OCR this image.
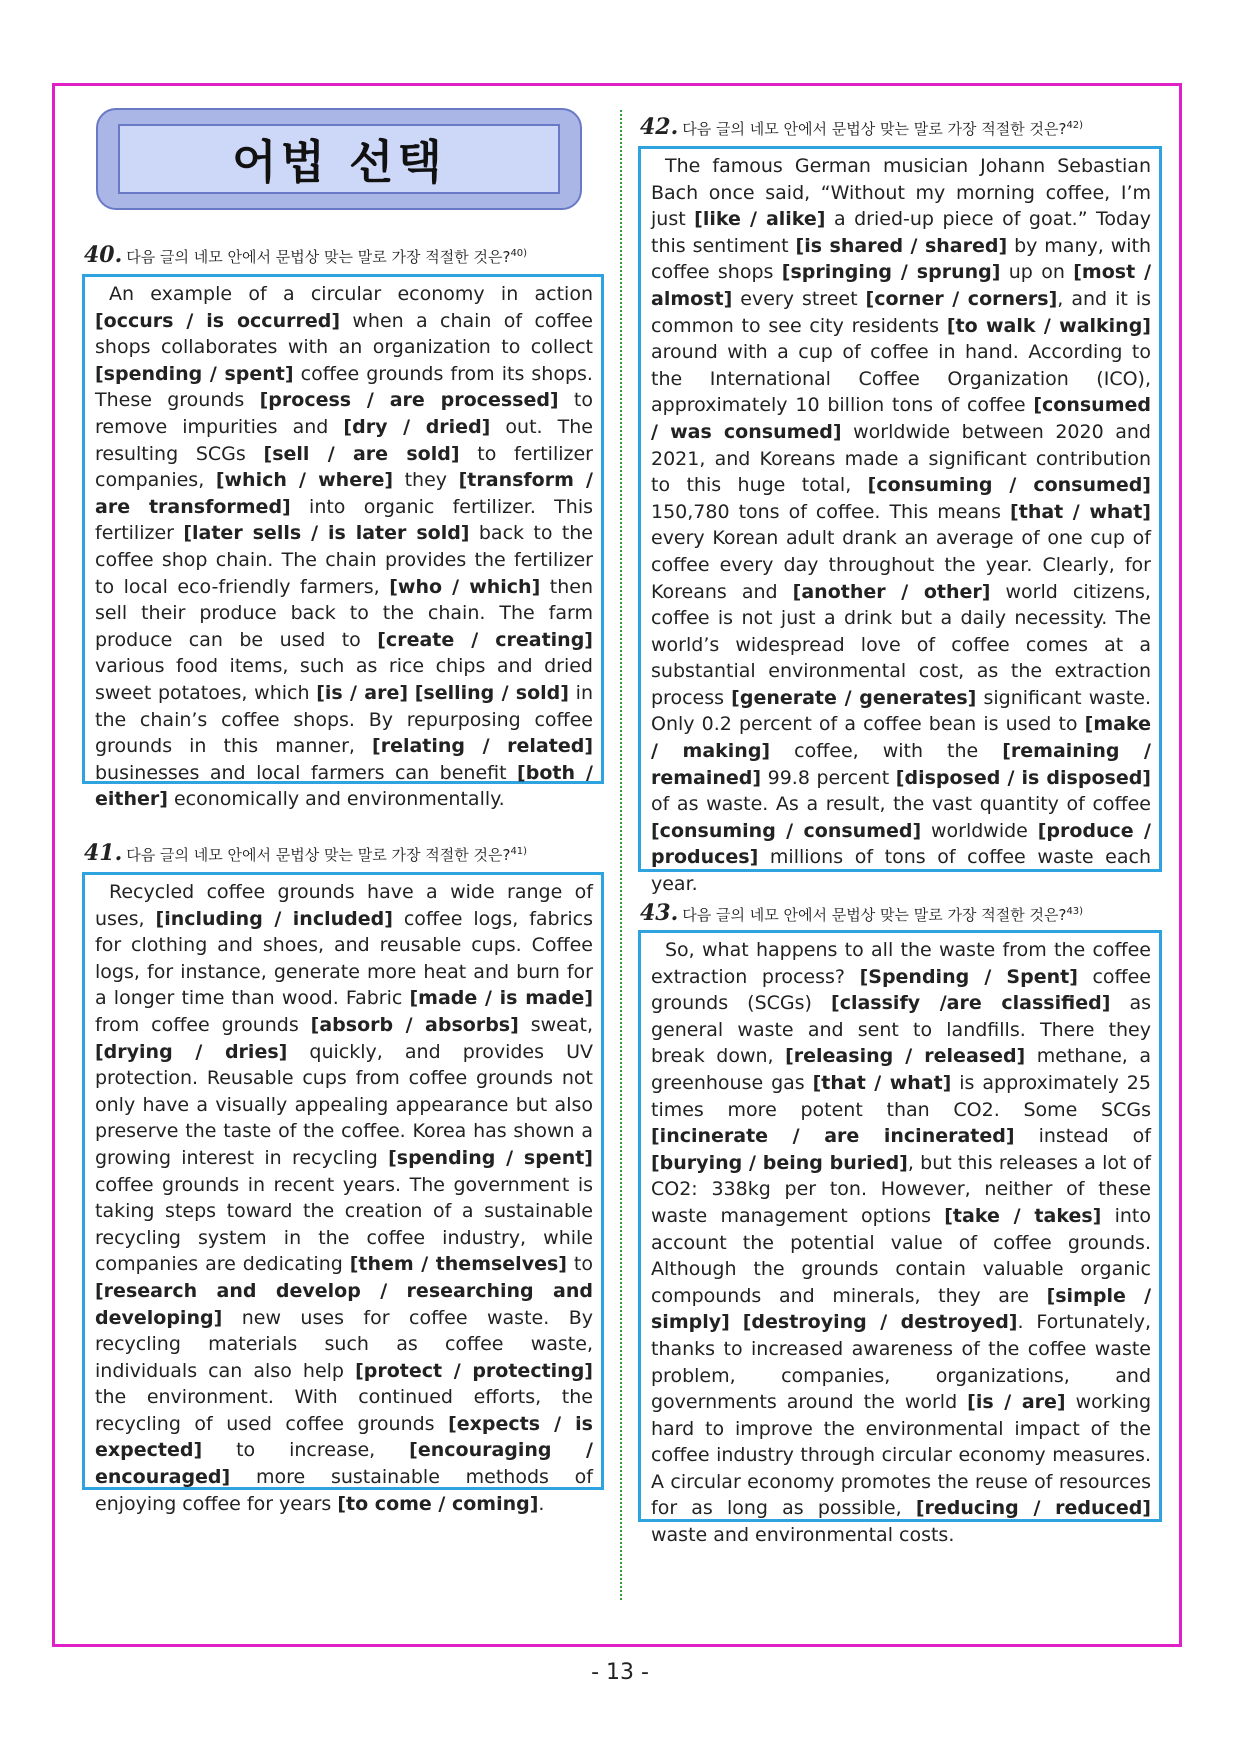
어법 선택
40. 다음 글의 네모 안에서 문법상 맞는 말로 가장 적절한 것은?$^{40)}$

An example of a circular economy in action [occurs / is occurred] when a chain of coffee shops collaborates with an organization to collect [spending / spent] coffee grounds from its shops. These grounds [process / are processed] to remove impurities and [dry / dried] out. The resulting SCGs [sell / are sold] to fertilizer companies, [which / where] they [transform / are transformed] into organic fertilizer. This fertilizer [later sells / is later sold] back to the coffee shop chain. The chain provides the fertilizer to local eco-friendly farmers, [who / which] then sell their produce back to the chain. The farm produce can be used to [create / creating] various food items, such as rice chips and dried sweet potatoes, which [is / are] [selling / sold] in the chain’s coffee shops. By repurposing coffee grounds in this manner, [relating / related] businesses and local farmers can benefit [both / either] economically and environmentally.

41. 다음 글의 네모 안에서 문법상 맞는 말로 가장 적절한 것은?$^{41)}$

Recycled coffee grounds have a wide range of uses, [including / included] coffee logs, fabrics for clothing and shoes, and reusable cups. Coffee logs, for instance, generate more heat and burn for a longer time than wood. Fabric [made / is made] from coffee grounds [absorb / absorbs] sweat, [drying / dries] quickly, and provides UV protection. Reusable cups from coffee grounds not only have a visually appealing appearance but also preserve the taste of the coffee. Korea has shown a growing interest in recycling [spending / spent] coffee grounds in recent years. The government is taking steps toward the creation of a sustainable recycling system in the coffee industry, while companies are dedicating [them / themselves] to [research and develop / researching and developing] new uses for coffee waste. By recycling materials such as coffee waste, individuals can also help [protect / protecting] the environment. With continued efforts, the recycling of used coffee grounds [expects / is expected] to increase, [encouraging / encouraged] more sustainable methods of enjoying coffee for years [to come / coming].

42. 다음 글의 네모 안에서 문법상 맞는 말로 가장 적절한 것은?$^{42)}$

The famous German musician Johann Sebastian Bach once said, “Without my morning coffee, I’m just [like / alike] a dried-up piece of goat.” Today this sentiment [is shared / shared] by many, with coffee shops [springing / sprung] up on [most / almost] every street [corner / corners], and it is common to see city residents [to walk / walking] around with a cup of coffee in hand. According to the International Coffee Organization (ICO), approximately 10 billion tons of coffee [consumed / was consumed] worldwide between 2020 and 2021, and Koreans made a significant contribution to this huge total, [consuming / consumed] 150,780 tons of coffee. This means [that / what] every Korean adult drank an average of one cup of coffee every day throughout the year. Clearly, for Koreans and [another / other] world citizens, coffee is not just a drink but a daily necessity. The world’s widespread love of coffee comes at a substantial environmental cost, as the extraction process [generate / generates] significant waste. Only 0.2 percent of a coffee bean is used to [make / making] coffee, with the [remaining / remained] 99.8 percent [disposed / is disposed] of as waste. As a result, the vast quantity of coffee [consuming / consumed] worldwide [produce / produces] millions of tons of coffee waste each year.

43. 다음 글의 네모 안에서 문법상 맞는 말로 가장 적절한 것은?$^{43)}$

So, what happens to all the waste from the coffee extraction process? [Spending / Spent] coffee grounds (SCGs) [classify /are classified] as general waste and sent to landfills. There they break down, [releasing / released] methane, a greenhouse gas [that / what] is approximately 25 times more potent than CO2. Some SCGs [incinerate / are incinerated] instead of [burying / being buried], but this releases a lot of CO2: 338kg per ton. However, neither of these waste management options [take / takes] into account the potential value of coffee grounds. Although the grounds contain valuable organic compounds and minerals, they are [simple / simply] [destroying / destroyed]. Fortunately, thanks to increased awareness of the coffee waste problem, companies, organizations, and governments around the world [is / are] working hard to improve the environmental impact of the coffee industry through circular economy measures. A circular economy promotes the reuse of resources for as long as possible, [reducing / reduced] waste and environmental costs.

- 13 -
